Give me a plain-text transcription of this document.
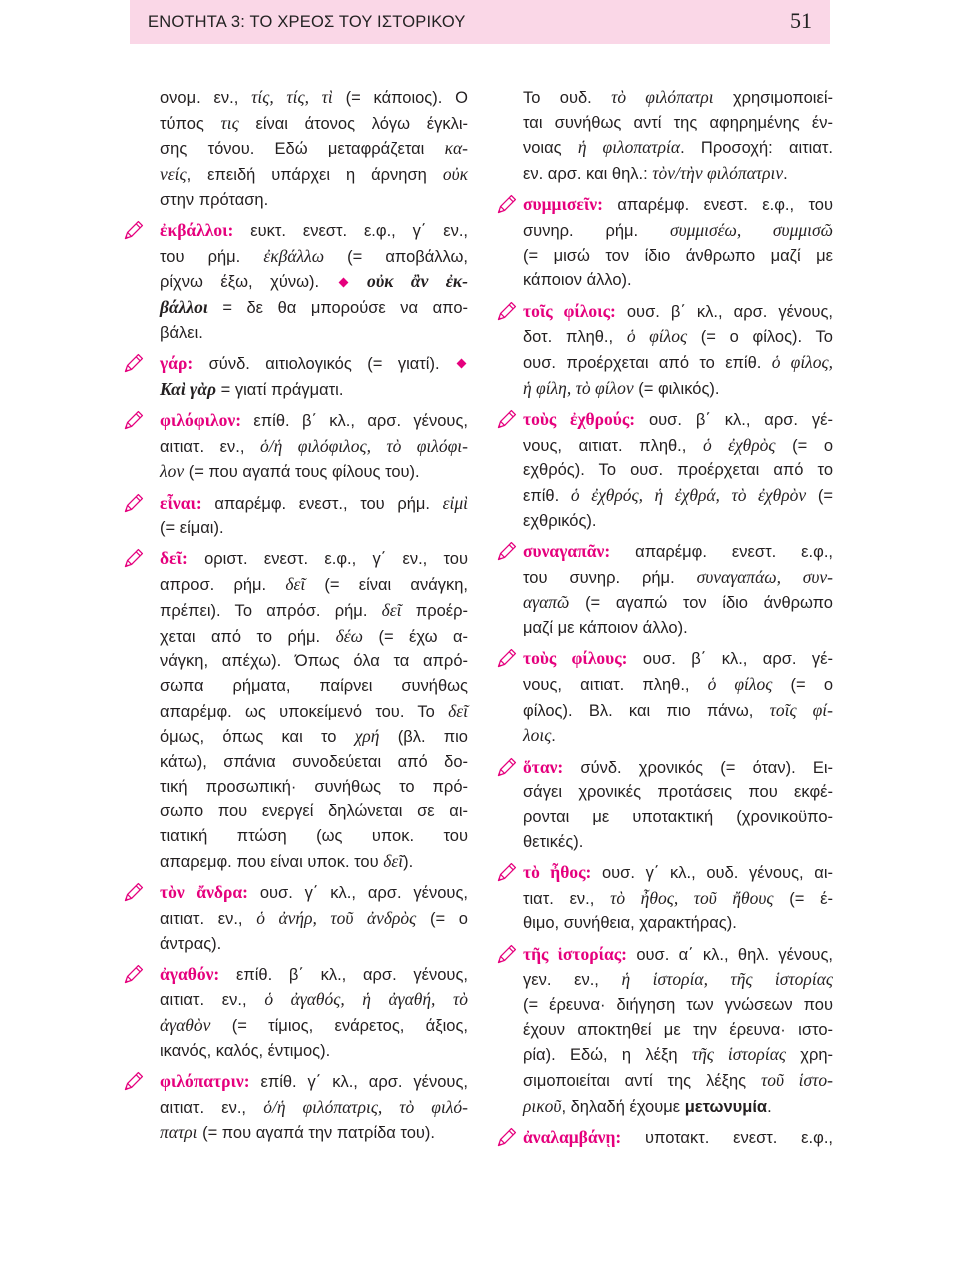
ΕΝΟΤΗΤΑ 3: ΤΟ ΧΡΕΟΣ ΤΟΥ ΙΣΤΟΡΙΚΟΥ	51
ονομ. εν., τίς, τίς, τὶ (= κάποιος). Ο
τύπος τις είναι άτονος λόγω έγκλι-
σης τόνου. Εδώ μεταφράζεται κα-
νείς, επειδή υπάρχει η άρνηση οὐκ
στην πρόταση.
ἐκβάλλοι: ευκτ. ενεστ. ε.φ., γ΄ εν.,
του ρήμ. ἐκβάλλω (= αποβάλλω,
ρίχνω έξω, χύνω).  οὐκ ἂν ἐκ-
βάλλοι = δε θα μπορούσε να απο-
βάλει.
γάρ: σύνδ. αιτιολογικός (= γιατί).
Καὶ γὰρ = γιατί πράγματι.
φιλόφιλον: επίθ. β΄ κλ., αρσ. γένους,
αιτιατ. εν., ὁ/ἡ φιλόφιλος, τὸ φιλόφι-
λον (= που αγαπά τους φίλους του).
εἶναι: απαρέμφ. ενεστ., του ρήμ. εἰμὶ
(= είμαι).
δεῖ: οριστ. ενεστ. ε.φ., γ΄ εν., του
απροσ. ρήμ. δεῖ (= είναι ανάγκη,
πρέπει). Το απρόσ. ρήμ. δεῖ προέρ-
χεται από το ρήμ. δέω (= έχω α-
νάγκη, απέχω). Όπως όλα τα απρό-
σωπα ρήματα, παίρνει συνήθως
απαρέμφ. ως υποκείμενό του. Το δεῖ
όμως, όπως και το χρή (βλ. πιο
κάτω), σπάνια συνοδεύεται από δο-
τική προσωπική· συνήθως το πρό-
σωπο που ενεργεί δηλώνεται σε αι-
τιατική πτώση (ως υποκ. του
απαρεμφ. που είναι υποκ. του δεῖ).
τὸν ἄνδρα: ουσ. γ΄ κλ., αρσ. γένους,
αιτιατ. εν., ὁ ἀνήρ, τοῦ ἀνδρὸς (= ο
άντρας).
ἀγαθόν: επίθ. β΄ κλ., αρσ. γένους,
αιτιατ. εν., ὁ ἀγαθός, ἡ ἀγαθή, τὸ
ἀγαθὸν (= τίμιος, ενάρετος, άξιος,
ικανός, καλός, έντιμος).
φιλόπατριν: επίθ. γ΄ κλ., αρσ. γένους,
αιτιατ. εν., ὁ/ἡ φιλόπατρις, τὸ φιλό-
πατρι (= που αγαπά την πατρίδα του).
Το ουδ. τὸ φιλόπατρι χρησιμοποιεί-
ται συνήθως αντί της αφηρημένης έν-
νοιας ἡ φιλοπατρία. Προσοχή: αιτιατ.
εν. αρσ. και θηλ.: τὸν/τὴν φιλόπατριν.
συμμισεῖν: απαρέμφ. ενεστ. ε.φ., του
συνηρ. ρήμ. συμμισέω, συμμισῶ
(= μισώ τον ίδιο άνθρωπο μαζί με
κάποιον άλλο).
τοῖς φίλοις: ουσ. β΄ κλ., αρσ. γένους,
δοτ. πληθ., ὁ φίλος (= ο φίλος). Το
ουσ. προέρχεται από το επίθ. ὁ φίλος,
ἡ φίλη, τὸ φίλον (= φιλικός).
τοὺς ἐχθρούς: ουσ. β΄ κλ., αρσ. γέ-
νους, αιτιατ. πληθ., ὁ ἐχθρὸς (= ο
εχθρός). Το ουσ. προέρχεται από το
επίθ. ὁ ἐχθρός, ἡ ἐχθρά, τὸ ἐχθρὸν (=
εχθρικός).
συναγαπᾶν: απαρέμφ. ενεστ. ε.φ.,
του συνηρ. ρήμ. συναγαπάω, συν-
αγαπῶ (= αγαπώ τον ίδιο άνθρωπο
μαζί με κάποιον άλλο).
τοὺς φίλους: ουσ. β΄ κλ., αρσ. γέ-
νους, αιτιατ. πληθ., ὁ φίλος (= ο
φίλος). Βλ. και πιο πάνω, τοῖς φί-
λοις.
ὅταν: σύνδ. χρονικός (= όταν). Ει-
σάγει χρονικές προτάσεις που εκφέ-
ρονται με υποτακτική (χρονικοϋπο-
θετικές).
τὸ ἦθος: ουσ. γ΄ κλ., ουδ. γένους, αι-
τιατ. εν., τὸ ἦθος, τοῦ ἤθους (= έ-
θιμο, συνήθεια, χαρακτήρας).
τῆς ἱστορίας: ουσ. α΄ κλ., θηλ. γένους,
γεν. εν., ἡ ἱστορία, τῆς ἱστορίας
(= έρευνα· διήγηση των γνώσεων που
έχουν αποκτηθεί με την έρευνα· ιστο-
ρία). Εδώ, η λέξη τῆς ἱστορίας χρη-
σιμοποιείται αντί της λέξης τοῦ ἱστο-
ρικοῦ, δηλαδή έχουμε μετωνυμία.
ἀναλαμβάνῃ: υποτακτ. ενεστ. ε.φ.,
